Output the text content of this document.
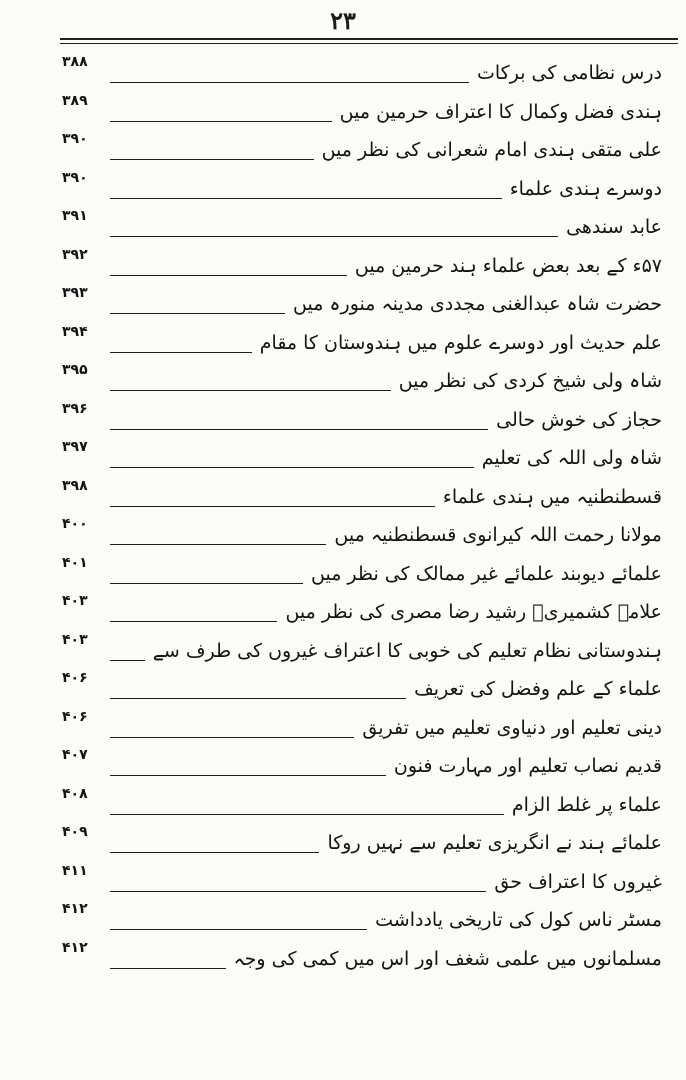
۲۳
درس نظامی کی برکات
۳۸۸
ہندی فضل وکمال کا اعتراف حرمین میں
۳۸۹
علی متقی ہندی امام شعرانی کی نظر میں
۳۹۰
دوسرے ہندی علماء
۳۹۰
عابد سندھی
۳۹۱
۵۷ء کے بعد بعض علماء ہند حرمین میں
۳۹۲
حضرت شاہ عبدالغنی مجددی مدینہ منورہ میں
۳۹۳
علم حدیث اور دوسرے علوم میں ہندوستان کا مقام
۳۹۴
شاہ ولی شیخ کردی کی نظر میں
۳۹۵
حجاز کی خوش حالی
۳۹۶
شاہ ولی اللہ کی تعلیم
۳۹۷
قسطنطنیہ میں ہندی علماء
۳۹۸
مولانا رحمت اللہ کیرانوی قسطنطنیہ میں
۴۰۰
علمائے دیوبند علمائے غیر ممالک کی نظر میں
۴۰۱
علامہ کشمیریؒ رشید رضا مصری کی نظر میں
۴۰۳
ہندوستانی نظام تعلیم کی خوبی کا اعتراف غیروں کی طرف سے
۴۰۳
علماء کے علم وفضل کی تعریف
۴۰۶
دینی تعلیم اور دنیاوی تعلیم میں تفریق
۴۰۶
قدیم نصاب تعلیم اور مہارت فنون
۴۰۷
علماء پر غلط الزام
۴۰۸
علمائے ہند نے انگریزی تعلیم سے نہیں روکا
۴۰۹
غیروں کا اعتراف حق
۴۱۱
مسٹر ناس کول کی تاریخی یادداشت
۴۱۲
مسلمانوں میں علمی شغف اور اس میں کمی کی وجہ
۴۱۲
